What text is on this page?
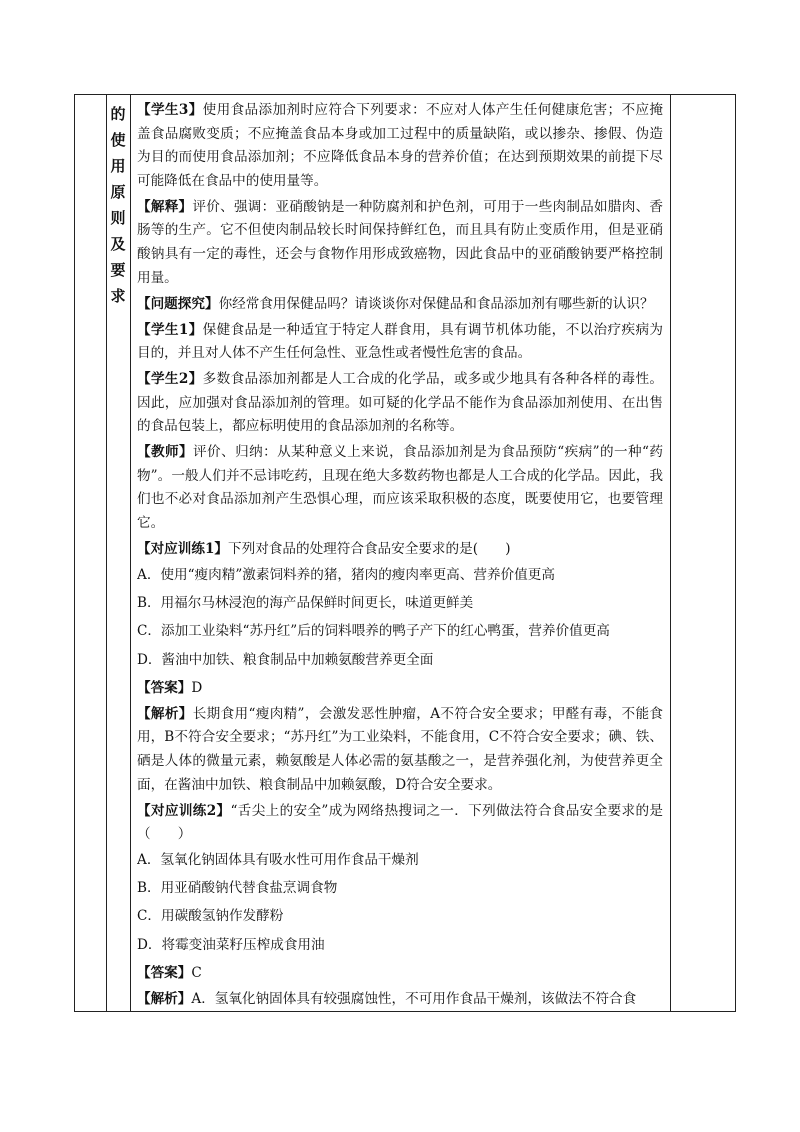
的
使
用
原
则
及
要
求

【学生3】使用食品添加剂时应符合下列要求：不应对人体产生任何健康危害；不应掩盖食品腐败变质；不应掩盖食品本身或加工过程中的质量缺陷，或以掺杂、掺假、伪造为目的而使用食品添加剂；不应降低食品本身的营养价值；在达到预期效果的前提下尽可能降低在食品中的使用量等。

【解释】评价、强调：亚硝酸钠是一种防腐剂和护色剂，可用于一些肉制品如腊肉、香肠等的生产。它不但使肉制品较长时间保持鲜红色，而且具有防止变质作用，但是亚硝酸钠具有一定的毒性，还会与食物作用形成致癌物，因此食品中的亚硝酸钠要严格控制用量。

【问题探究】你经常食用保健品吗？请谈谈你对保健品和食品添加剂有哪些新的认识？

【学生1】保健食品是一种适宜于特定人群食用，具有调节机体功能，不以治疗疾病为目的，并且对人体不产生任何急性、亚急性或者慢性危害的食品。

【学生2】多数食品添加剂都是人工合成的化学品，或多或少地具有各种各样的毒性。因此，应加强对食品添加剂的管理。如可疑的化学品不能作为食品添加剂使用、在出售的食品包装上，都应标明使用的食品添加剂的名称等。

【教师】评价、归纳：从某种意义上来说，食品添加剂是为食品预防“疾病”的一种“药物”。一般人们并不忌讳吃药，且现在绝大多数药物也都是人工合成的化学品。因此，我们也不必对食品添加剂产生恐惧心理，而应该采取积极的态度，既要使用它，也要管理它。

【对应训练1】下列对食品的处理符合食品安全要求的是(　　)

A．使用“瘦肉精”激素饲料养的猪，猪肉的瘦肉率更高、营养价值更高

B．用福尔马林浸泡的海产品保鲜时间更长，味道更鲜美

C．添加工业染料“苏丹红”后的饲料喂养的鸭子产下的红心鸭蛋，营养价值更高

D．酱油中加铁、粮食制品中加赖氨酸营养更全面

【答案】D

【解析】长期食用“瘦肉精”，会激发恶性肿瘤，A不符合安全要求；甲醛有毒，不能食用，B不符合安全要求；“苏丹红”为工业染料，不能食用，C不符合安全要求；碘、铁、硒是人体的微量元素，赖氨酸是人体必需的氨基酸之一，是营养强化剂，为使营养更全面，在酱油中加铁、粮食制品中加赖氨酸，D符合安全要求。

【对应训练2】“舌尖上的安全”成为网络热搜词之一．下列做法符合食品安全要求的是（　　）

A．氢氧化钠固体具有吸水性可用作食品干燥剂

B．用亚硝酸钠代替食盐烹调食物

C．用碳酸氢钠作发酵粉

D．将霉变油菜籽压榨成食用油

【答案】C

【解析】A．氢氧化钠固体具有较强腐蚀性，不可用作食品干燥剂，该做法不符合食
